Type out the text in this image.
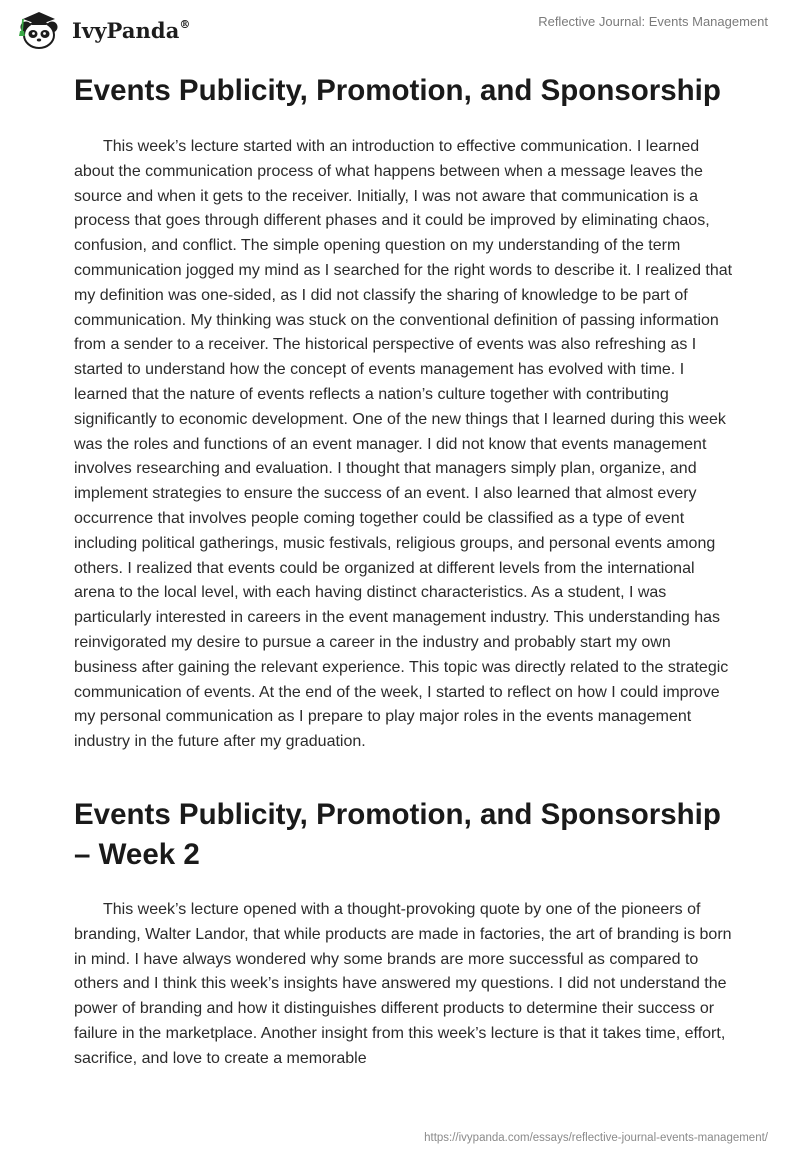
IvyPanda®	Reflective Journal: Events Management
Events Publicity, Promotion, and Sponsorship

This week’s lecture started with an introduction to effective communication. I learned about the communication process of what happens between when a message leaves the source and when it gets to the receiver. Initially, I was not aware that communication is a process that goes through different phases and it could be improved by eliminating chaos, confusion, and conflict. The simple opening question on my understanding of the term communication jogged my mind as I searched for the right words to describe it. I realized that my definition was one-sided, as I did not classify the sharing of knowledge to be part of communication. My thinking was stuck on the conventional definition of passing information from a sender to a receiver. The historical perspective of events was also refreshing as I started to understand how the concept of events management has evolved with time. I learned that the nature of events reflects a nation’s culture together with contributing significantly to economic development. One of the new things that I learned during this week was the roles and functions of an event manager. I did not know that events management involves researching and evaluation. I thought that managers simply plan, organize, and implement strategies to ensure the success of an event. I also learned that almost every occurrence that involves people coming together could be classified as a type of event including political gatherings, music festivals, religious groups, and personal events among others. I realized that events could be organized at different levels from the international arena to the local level, with each having distinct characteristics. As a student, I was particularly interested in careers in the event management industry. This understanding has reinvigorated my desire to pursue a career in the industry and probably start my own business after gaining the relevant experience. This topic was directly related to the strategic communication of events. At the end of the week, I started to reflect on how I could improve my personal communication as I prepare to play major roles in the events management industry in the future after my graduation.

Events Publicity, Promotion, and Sponsorship
– Week 2

This week’s lecture opened with a thought-provoking quote by one of the pioneers of branding, Walter Landor, that while products are made in factories, the art of branding is born in mind. I have always wondered why some brands are more successful as compared to others and I think this week’s insights have answered my questions. I did not understand the power of branding and how it distinguishes different products to determine their success or failure in the marketplace. Another insight from this week’s lecture is that it takes time, effort, sacrifice, and love to create a memorable

https://ivypanda.com/essays/reflective-journal-events-management/
